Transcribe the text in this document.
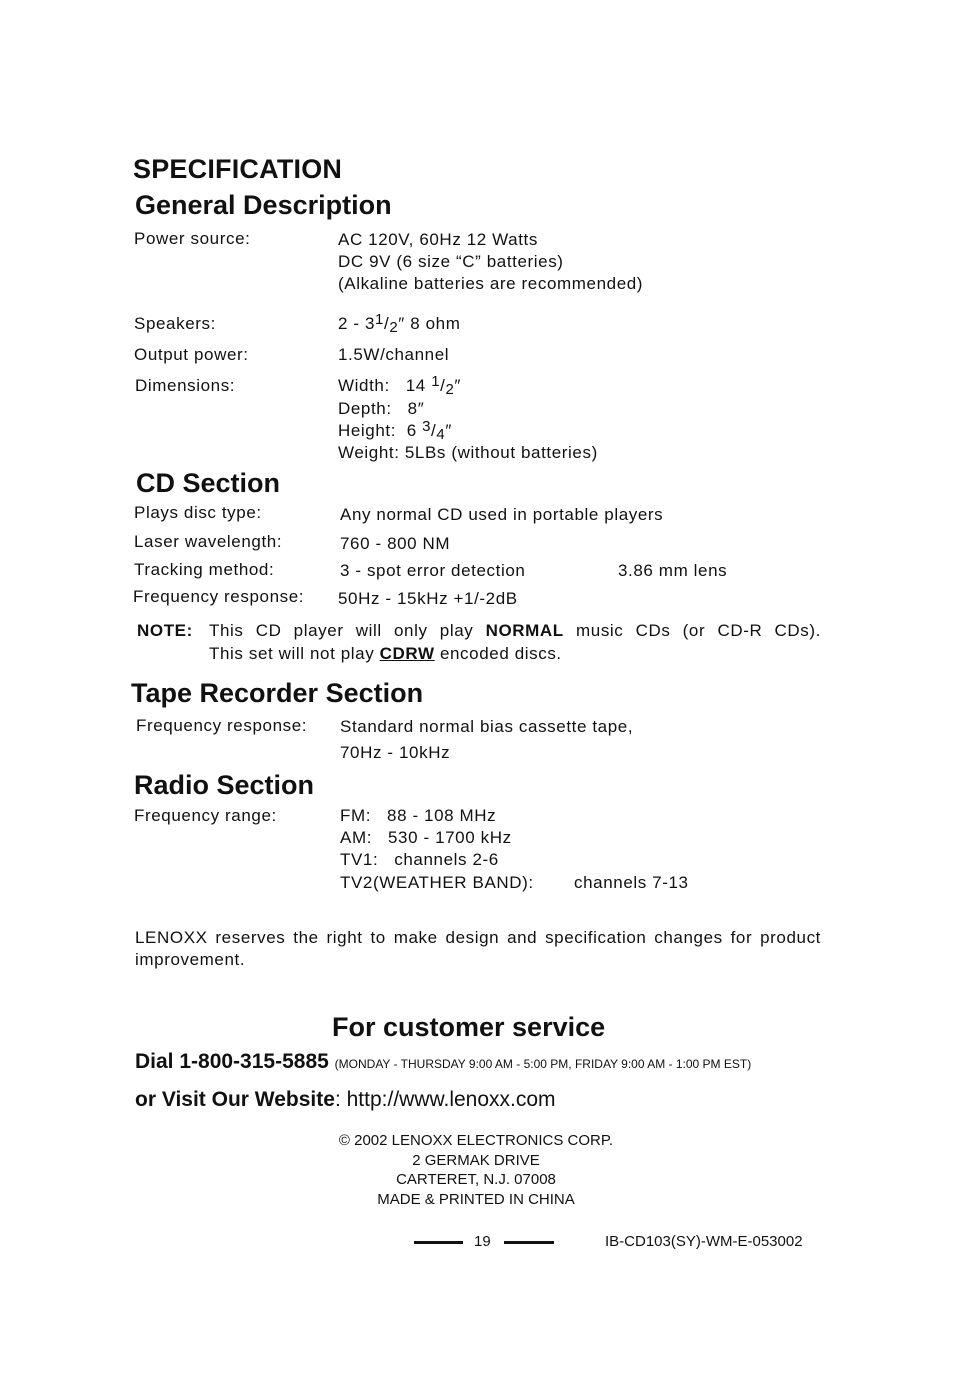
SPECIFICATION
General Description
Power source:	AC 120V, 60Hz 12 Watts
DC 9V (6 size “C” batteries)
(Alkaline batteries are recommended)
Speakers:	$2 - 3^1/_2''$ 8 ohm
Output power:	1.5W/channel
Dimensions:	Width:   14 $^1/_2''$
Depth:   8″
Height:  6 $^3/_4''$
Weight: 5LBs (without batteries)
CD Section
Plays disc type:	Any normal CD used in portable players
Laser wavelength:	760 - 800 NM
Tracking method:	3 - spot error detection	3.86 mm lens
Frequency response: 50Hz - 15kHz +1/-2dB
NOTE: This CD player will only play NORMAL music CDs (or CD-R CDs).
This set will not play CDRW encoded discs.
Tape Recorder Section
Frequency response: Standard normal bias cassette tape,
70Hz - 10kHz
Radio Section
Frequency range:	FM:   88 - 108 MHz
AM:   530 - 1700 kHz
TV1:   channels 2-6
TV2(WEATHER BAND): channels 7-13
LENOXX reserves the right to make design and specification changes for product improvement.
For customer service
Dial 1-800-315-5885 (MONDAY - THURSDAY 9:00 AM - 5:00 PM, FRIDAY 9:00 AM - 1:00 PM EST)
or Visit Our Website: http://www.lenoxx.com
© 2002 LENOXX ELECTRONICS CORP.
2 GERMAK DRIVE
CARTERET, N.J. 07008
MADE & PRINTED IN CHINA
19	IB-CD103(SY)-WM-E-053002
